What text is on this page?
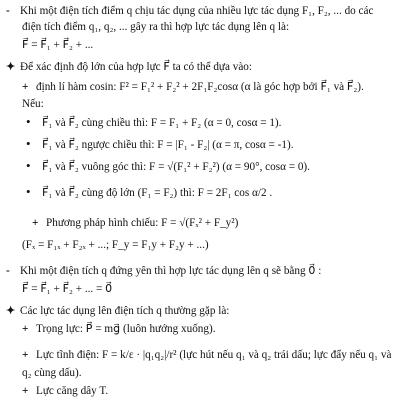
- Khi một điện tích điểm q chịu tác dụng của nhiều lực tác dụng F₁, F₂, ... do các
điện tích điểm q₁, q₂, ... gây ra thì hợp lực tác dụng lên q là:
F⃗ = F⃗₁ + F⃗₂ + ...
✦ Để xác định độ lớn của hợp lực F⃗ ta có thể dựa vào:
+ định lí hàm cosin: F² = F₁² + F₂² + 2F₁F₂cosα (α là góc hợp bởi F⃗₁ và F⃗₂).
Nếu:
• F⃗₁ và F⃗₂ cùng chiều thì: F = F₁ + F₂ (α = 0, cosα = 1).
• F⃗₁ và F⃗₂ ngược chiều thì: F = |F₁ - F₂| (α = π, cosα = -1).
• F⃗₁ và F⃗₂ vuông góc thì: F = √(F₁² + F₂²) (α = 90°, cosα = 0).
• F⃗₁ và F⃗₂ cùng độ lớn (F₁ = F₂) thì: F = 2F₁ cos α/2 .
+ Phương pháp hình chiếu: F = √(Fₓ² + F_y²)
(Fₓ = F₁ₓ + F₂ₓ + ...; F_y = F₁y + F₂y + ...)
- Khi một điện tích q đứng yên thì hợp lực tác dụng lên q sẽ bằng 0⃗ :
F⃗ = F⃗₁ + F⃗₂ + ... = 0⃗
✦ Các lực tác dụng lên điện tích q thường gặp là:
+ Trọng lực: P⃗ = mg⃗ (luôn hướng xuống).
+ Lực tĩnh điện: F = k/ε · |q₁q₂|/r² (lực hút nếu q₁ và q₂ trái dấu; lực đẩy nếu q₁ và
q₂ cùng dấu).
+ Lực căng dây T.
